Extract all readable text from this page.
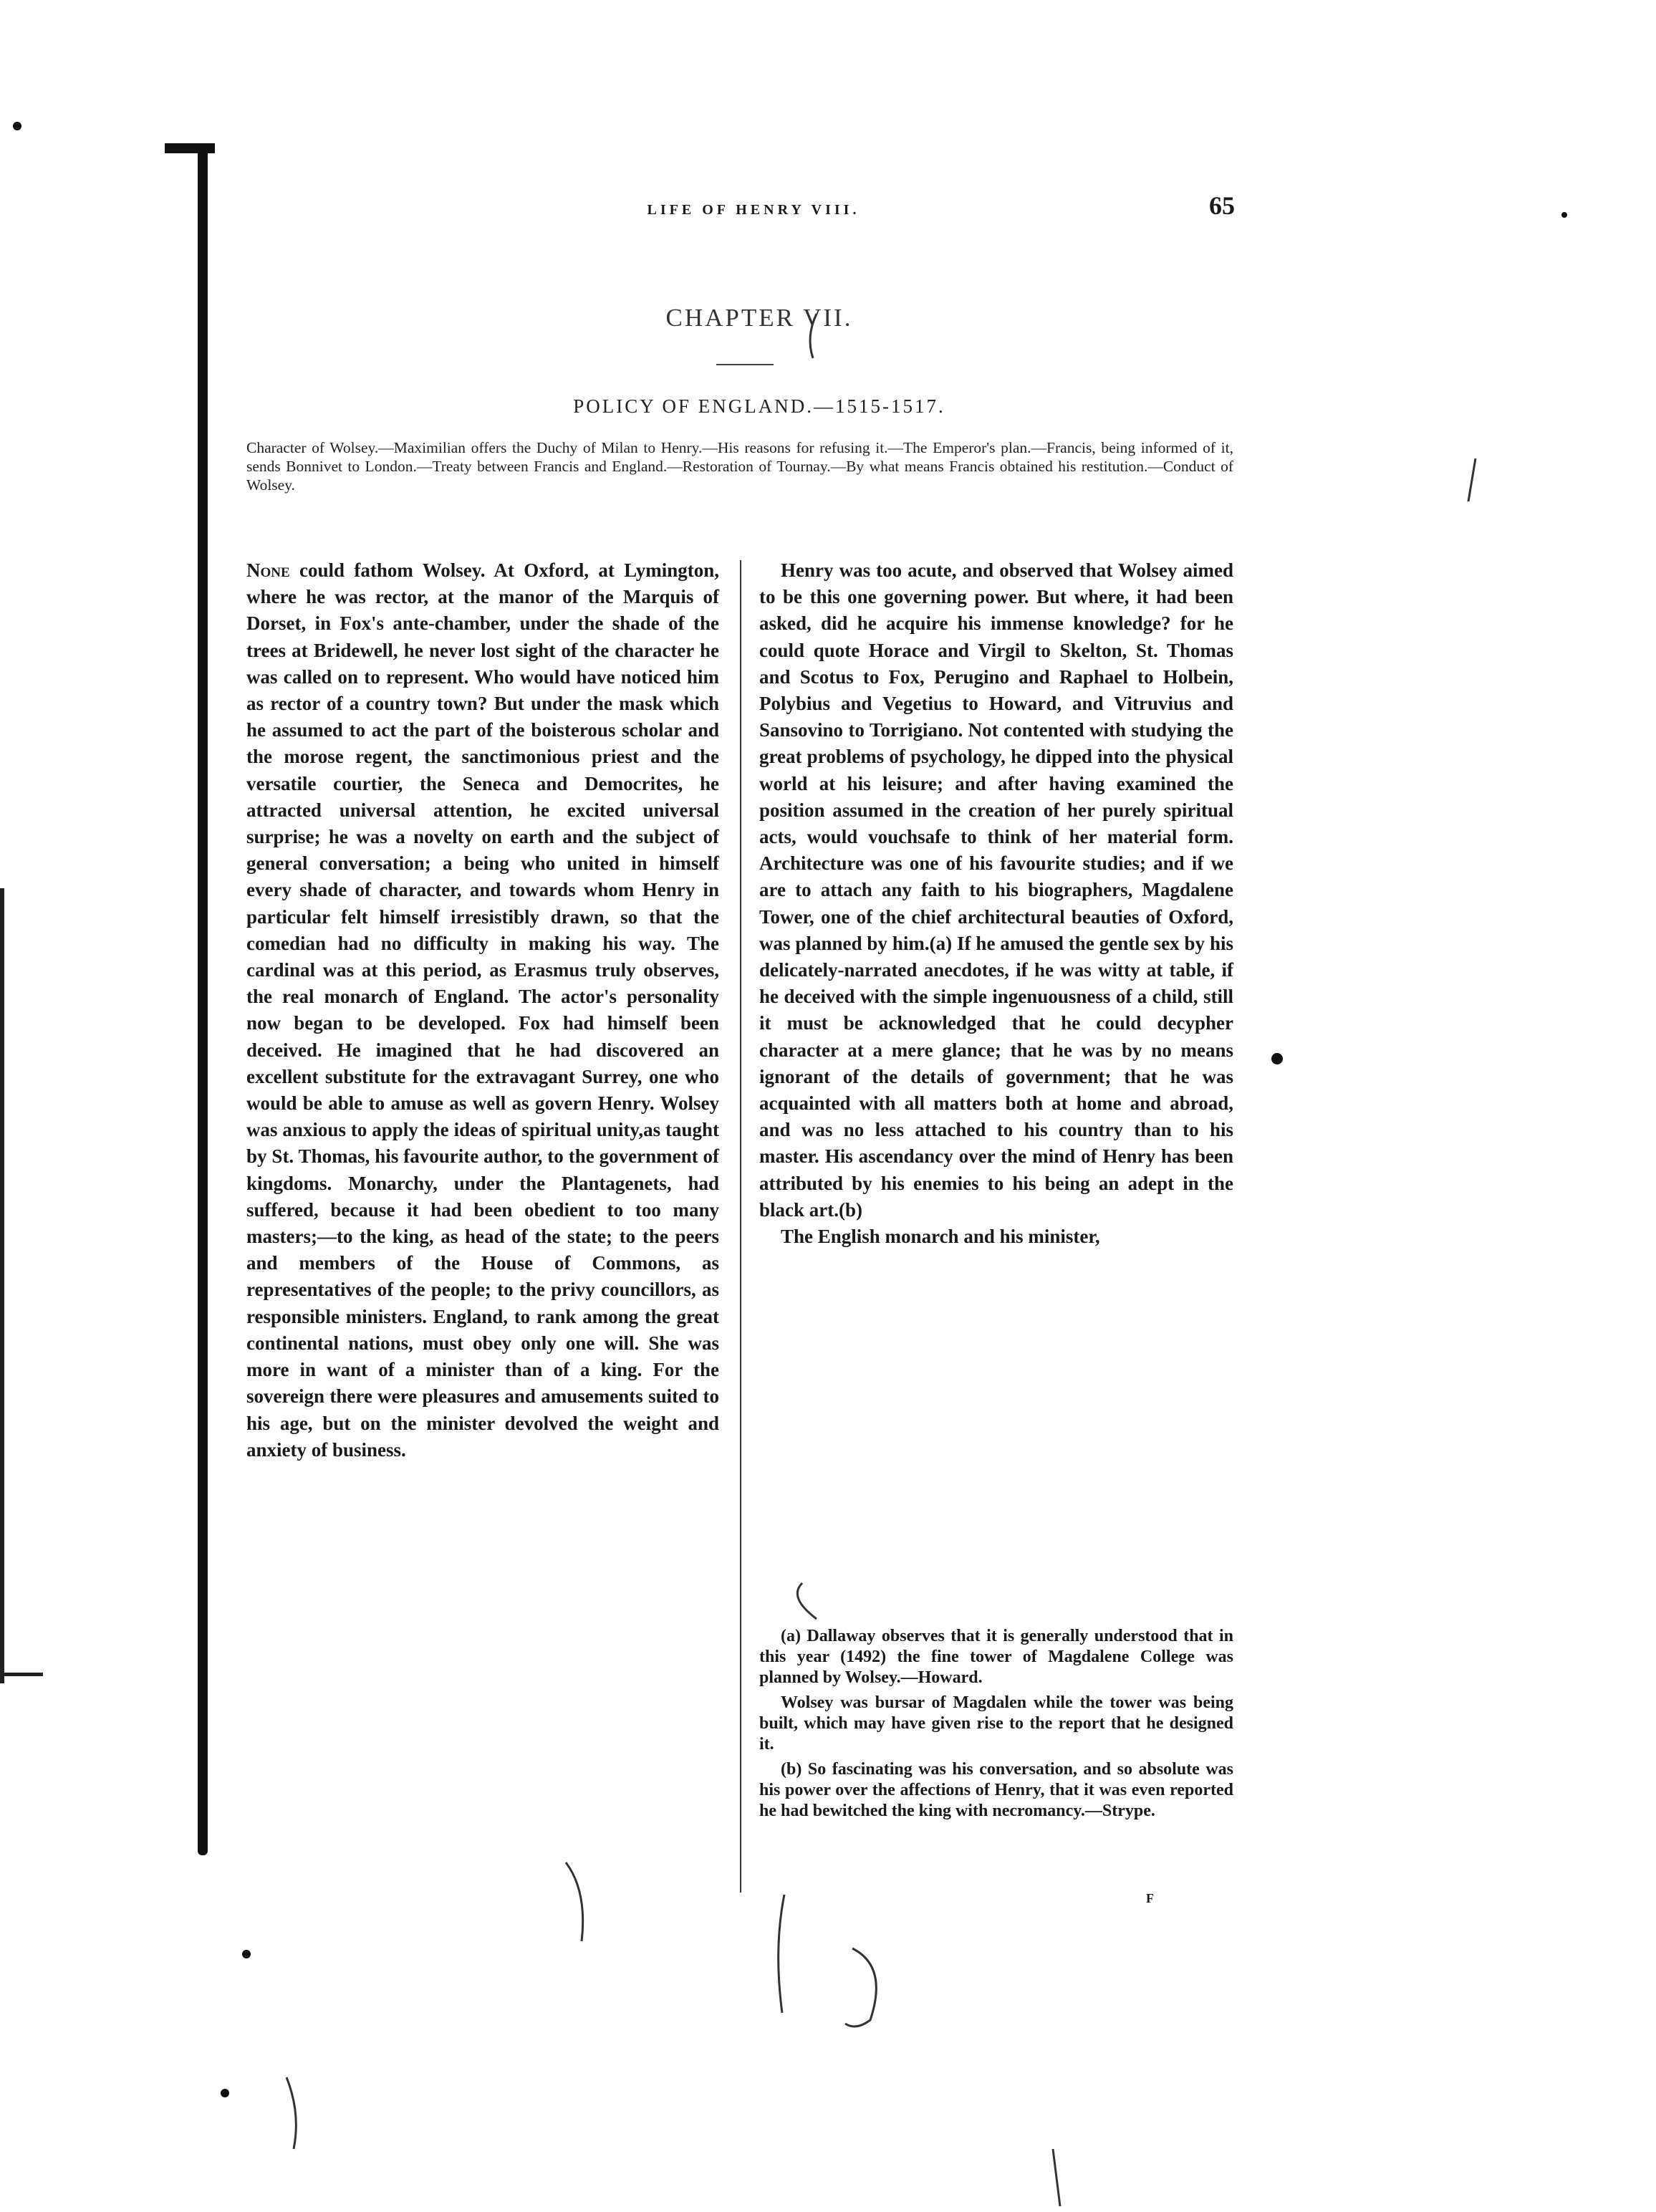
LIFE OF HENRY VIII.	65
CHAPTER VII.
POLICY OF ENGLAND.—1515-1517.
Character of Wolsey.—Maximilian offers the Duchy of Milan to Henry.—His reasons for refusing it.—The Emperor's plan.—Francis, being informed of it, sends Bonnivet to London.—Treaty between Francis and England.—Restoration of Tournay.—By what means Francis obtained his restitution.—Conduct of Wolsey.

None could fathom Wolsey. At Oxford, at Lymington, where he was rector, at the manor of the Marquis of Dorset, in Fox's ante-chamber, under the shade of the trees at Bridewell, he never lost sight of the character he was called on to represent. Who would have noticed him as rector of a country town? But under the mask which he assumed to act the part of the boisterous scholar and the morose regent, the sanctimonious priest and the versatile courtier, the Seneca and Democrites, he attracted universal attention, he excited universal surprise; he was a novelty on earth and the subject of general conversation; a being who united in himself every shade of character, and towards whom Henry in particular felt himself irresistibly drawn, so that the comedian had no difficulty in making his way. The cardinal was at this period, as Erasmus truly observes, the real monarch of England. The actor's personality now began to be developed. Fox had himself been deceived. He imagined that he had discovered an excellent substitute for the extravagant Surrey, one who would be able to amuse as well as govern Henry. Wolsey was anxious to apply the ideas of spiritual unity,as taught by St. Thomas, his favourite author, to the government of kingdoms. Monarchy, under the Plantagenets, had suffered, because it had been obedient to too many masters;—to the king, as head of the state; to the peers and members of the House of Commons, as representatives of the people; to the privy councillors, as responsible ministers. England, to rank among the great continental nations, must obey only one will. She was more in want of a minister than of a king. For the sovereign there were pleasures and amusements suited to his age, but on the minister devolved the weight and anxiety of business.

Henry was too acute, and observed that Wolsey aimed to be this one governing power. But where, it had been asked, did he acquire his immense knowledge? for he could quote Horace and Virgil to Skelton, St. Thomas and Scotus to Fox, Perugino and Raphael to Holbein, Polybius and Vegetius to Howard, and Vitruvius and Sansovino to Torrigiano. Not contented with studying the great problems of psychology, he dipped into the physical world at his leisure; and after having examined the position assumed in the creation of her purely spiritual acts, would vouchsafe to think of her material form. Architecture was one of his favourite studies; and if we are to attach any faith to his biographers, Magdalene Tower, one of the chief architectural beauties of Oxford, was planned by him.(a) If he amused the gentle sex by his delicately-narrated anecdotes, if he was witty at table, if he deceived with the simple ingenuousness of a child, still it must be acknowledged that he could decypher character at a mere glance; that he was by no means ignorant of the details of government; that he was acquainted with all matters both at home and abroad, and was no less attached to his country than to his master. His ascendancy over the mind of Henry has been attributed by his enemies to his being an adept in the black art.(b)

The English monarch and his minister,

(a) Dallaway observes that it is generally understood that in this year (1492) the fine tower of Magdalene College was planned by Wolsey.—Howard.

Wolsey was bursar of Magdalen while the tower was being built, which may have given rise to the report that he designed it.

(b) So fascinating was his conversation, and so absolute was his power over the affections of Henry, that it was even reported he had bewitched the king with necromancy.—Strype.

F
